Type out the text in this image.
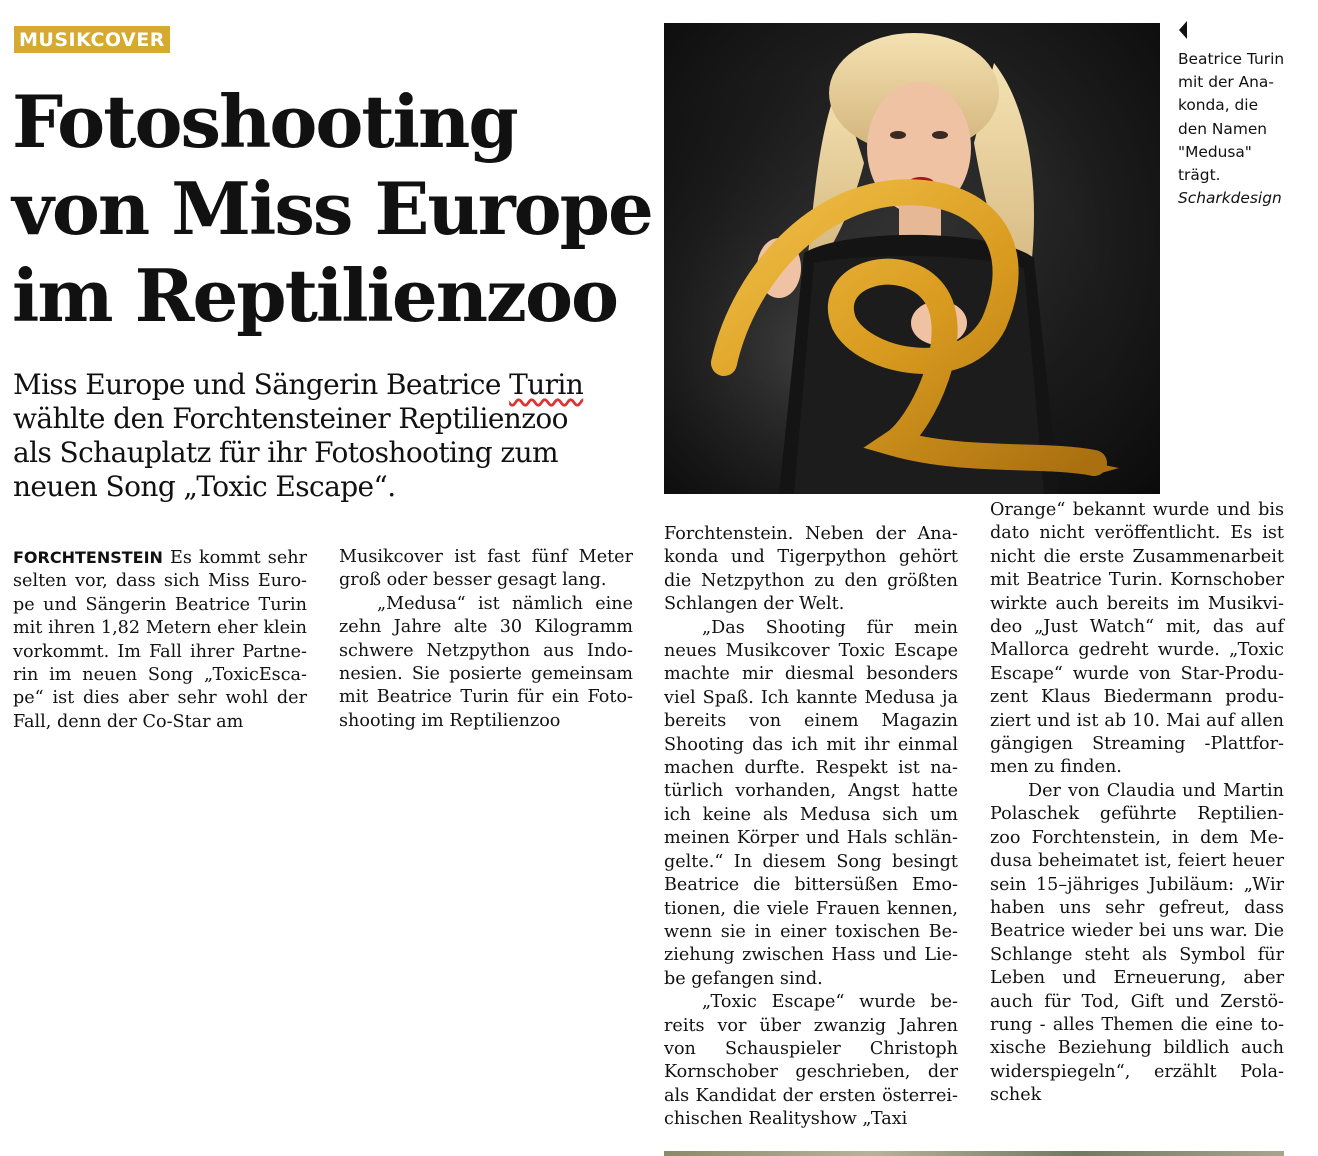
MUSIKCOVER
Fotoshooting
von Miss Europe
im Reptilienzoo
Miss Europe und Sängerin Beatrice Turin
wählte den Forchtensteiner Reptilienzoo
als Schauplatz für ihr Fotoshooting zum
neuen Song „Toxic Escape“.
Beatrice Turin
mit der Ana-
konda, die
den Namen
"Medusa"
trägt.
Scharkdesign

FORCHTENSTEIN Es kommt sehr selten vor, dass sich Miss Euro-pe und Sängerin Beatrice Turin mit ihren 1,82 Metern eher klein vorkommt. Im Fall ihrer Partne-rin im neuen Song „ToxicEsca-pe“ ist dies aber sehr wohl der Fall, denn der Co-Star am

Musikcover ist fast fünf Meter groß oder besser gesagt lang.

„Medusa“ ist nämlich eine zehn Jahre alte 30 Kilogramm schwere Netzpython aus Indo-nesien. Sie posierte gemeinsam mit Beatrice Turin für ein Foto-shooting im Reptilienzoo

Forchtenstein. Neben der Ana-konda und Tigerpython gehört die Netzpython zu den größten Schlangen der Welt.

„Das Shooting für mein neues Musikcover Toxic Escape machte mir diesmal besonders viel Spaß. Ich kannte Medusa ja bereits von einem Magazin Shooting das ich mit ihr einmal machen durfte. Respekt ist na-türlich vorhanden, Angst hatte ich keine als Medusa sich um meinen Körper und Hals schlän-gelte.“ In diesem Song besingt Beatrice die bittersüßen Emo-tionen, die viele Frauen kennen, wenn sie in einer toxischen Be-ziehung zwischen Hass und Lie-be gefangen sind.

„Toxic Escape“ wurde be-reits vor über zwanzig Jahren von Schauspieler Christoph Kornschober geschrieben, der als Kandidat der ersten österrei-chischen Realityshow „Taxi

Orange“ bekannt wurde und bis dato nicht veröffentlicht. Es ist nicht die erste Zusammenarbeit mit Beatrice Turin. Kornschober wirkte auch bereits im Musikvi-deo „Just Watch“ mit, das auf Mallorca gedreht wurde. „Toxic Escape“ wurde von Star-Produ-zent Klaus Biedermann produ-ziert und ist ab 10. Mai auf allen gängigen Streaming -Plattfor-men zu finden.

Der von Claudia und Martin Polaschek geführte Reptilien-zoo Forchtenstein, in dem Me-dusa beheimatet ist, feiert heuer sein 15–jähriges Jubiläum: „Wir haben uns sehr gefreut, dass Beatrice wieder bei uns war. Die Schlange steht als Symbol für Leben und Erneuerung, aber auch für Tod, Gift und Zerstö-rung - alles Themen die eine to-xische Beziehung bildlich auch widerspiegeln“, erzählt Pola-schek
